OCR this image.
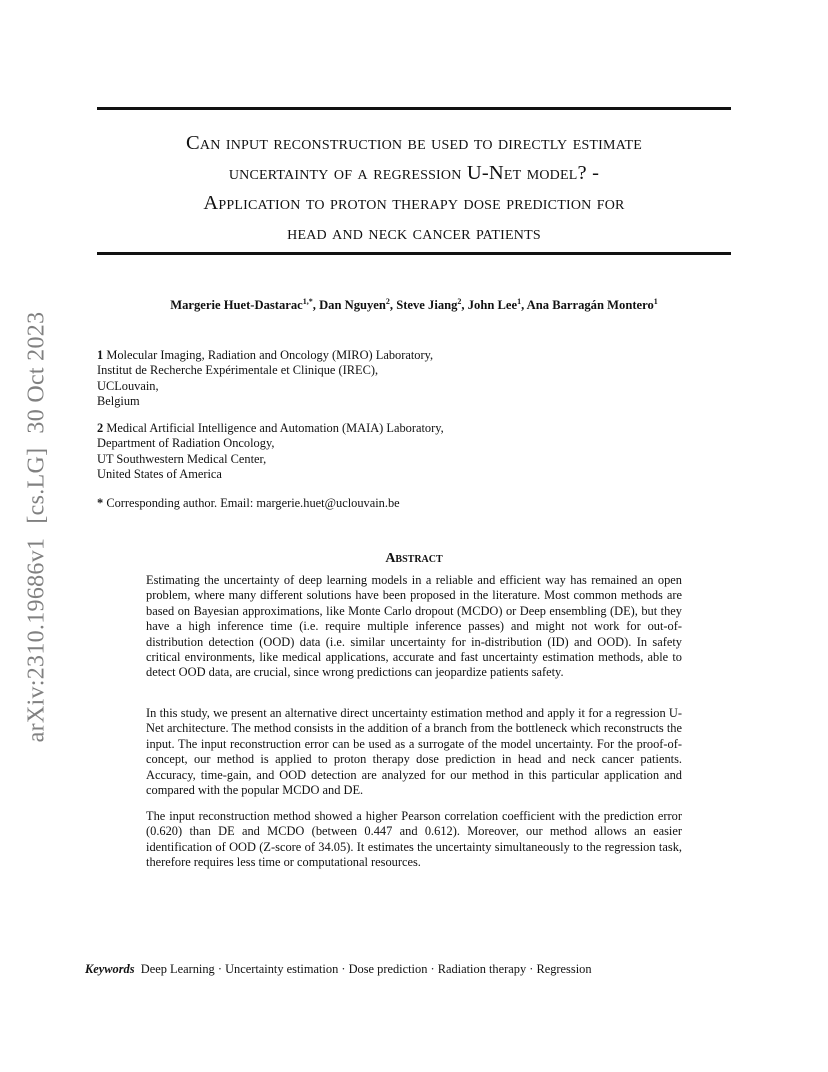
arXiv:2310.19686v1[cs.LG]30 Oct 2023
Can input reconstruction be used to directly estimate
uncertainty of a regression U-Net model? -
Application to proton therapy dose prediction for
head and neck cancer patients
Margerie Huet-Dastarac$^{1,*}$, Dan Nguyen$^2$, Steve Jiang$^2$, John Lee$^1$, Ana Barragán Montero$^1$
1 Molecular Imaging, Radiation and Oncology (MIRO) Laboratory,
Institut de Recherche Expérimentale et Clinique (IREC),
UCLouvain,
Belgium
2 Medical Artificial Intelligence and Automation (MAIA) Laboratory,
Department of Radiation Oncology,
UT Southwestern Medical Center,
United States of America
* Corresponding author. Email: margerie.huet@uclouvain.be
Abstract
Estimating the uncertainty of deep learning models in a reliable and efficient way has remained an open problem, where many different solutions have been proposed in the literature. Most common methods are based on Bayesian approximations, like Monte Carlo dropout (MCDO) or Deep ensembling (DE), but they have a high inference time (i.e. require multiple inference passes) and might not work for out-of-distribution detection (OOD) data (i.e. similar uncertainty for in-distribution (ID) and OOD). In safety critical environments, like medical applications, accurate and fast uncertainty estimation methods, able to detect OOD data, are crucial, since wrong predictions can jeopardize patients safety.
In this study, we present an alternative direct uncertainty estimation method and apply it for a regression U-Net architecture. The method consists in the addition of a branch from the bottleneck which reconstructs the input. The input reconstruction error can be used as a surrogate of the model uncertainty. For the proof-of-concept, our method is applied to proton therapy dose prediction in head and neck cancer patients. Accuracy, time-gain, and OOD detection are analyzed for our method in this particular application and compared with the popular MCDO and DE.
The input reconstruction method showed a higher Pearson correlation coefficient with the prediction error (0.620) than DE and MCDO (between 0.447 and 0.612). Moreover, our method allows an easier identification of OOD (Z-score of 34.05). It estimates the uncertainty simultaneously to the regression task, therefore requires less time or computational resources.
Keywords Deep Learning · Uncertainty estimation · Dose prediction · Radiation therapy · Regression
